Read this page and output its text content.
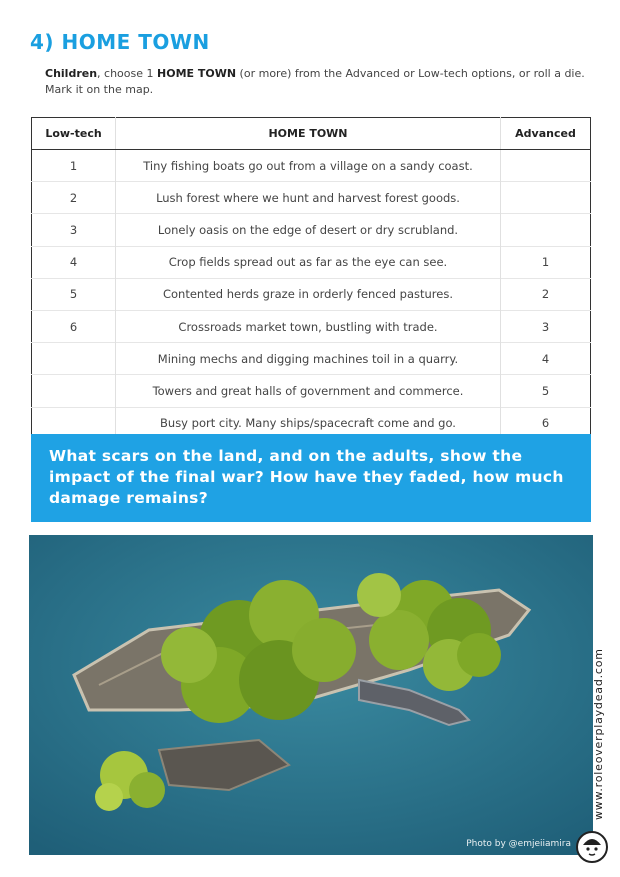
4) HOME TOWN
Children, choose 1 HOME TOWN (or more) from the Advanced or Low-tech options, or roll a die. Mark it on the map.
Low-tech	HOME TOWN	Advanced
1	Tiny fishing boats go out from a village on a sandy coast.	
2	Lush forest where we hunt and harvest forest goods.	
3	Lonely oasis on the edge of desert or dry scrubland.	
4	Crop fields spread out as far as the eye can see.	1
5	Contented herds graze in orderly fenced pastures.	2
6	Crossroads market town, bustling with trade.	3
	Mining mechs and digging machines toil in a quarry.	4
	Towers and great halls of government and commerce.	5
	Busy port city. Many ships/spacecraft come and go.	6
What scars on the land, and on the adults, show the impact of the final war? How have they faded, how much damage remains?
Photo by @emjeiiamira
www.roleoverplaydead.com
